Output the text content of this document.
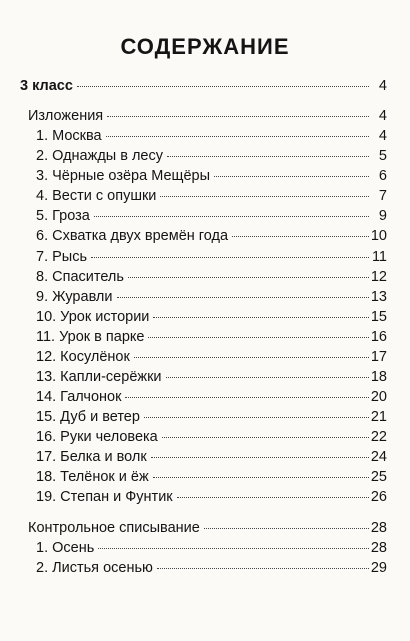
СОДЕРЖАНИЕ
3 класс	4
Изложения	4
1. Москва	4
2. Однажды в лесу	5
3. Чёрные озёра Мещёры	6
4. Вести с опушки	7
5. Гроза	9
6. Схватка двух времён года	10
7. Рысь	11
8. Спаситель	12
9. Журавли	13
10. Урок истории	15
11. Урок в парке	16
12. Косулёнок	17
13. Капли-серёжки	18
14. Галчонок	20
15. Дуб и ветер	21
16. Руки человека	22
17. Белка и волк	24
18. Телёнок и ёж	25
19. Степан и Фунтик	26
Контрольное списывание	28
1. Осень	28
2. Листья осенью	29
